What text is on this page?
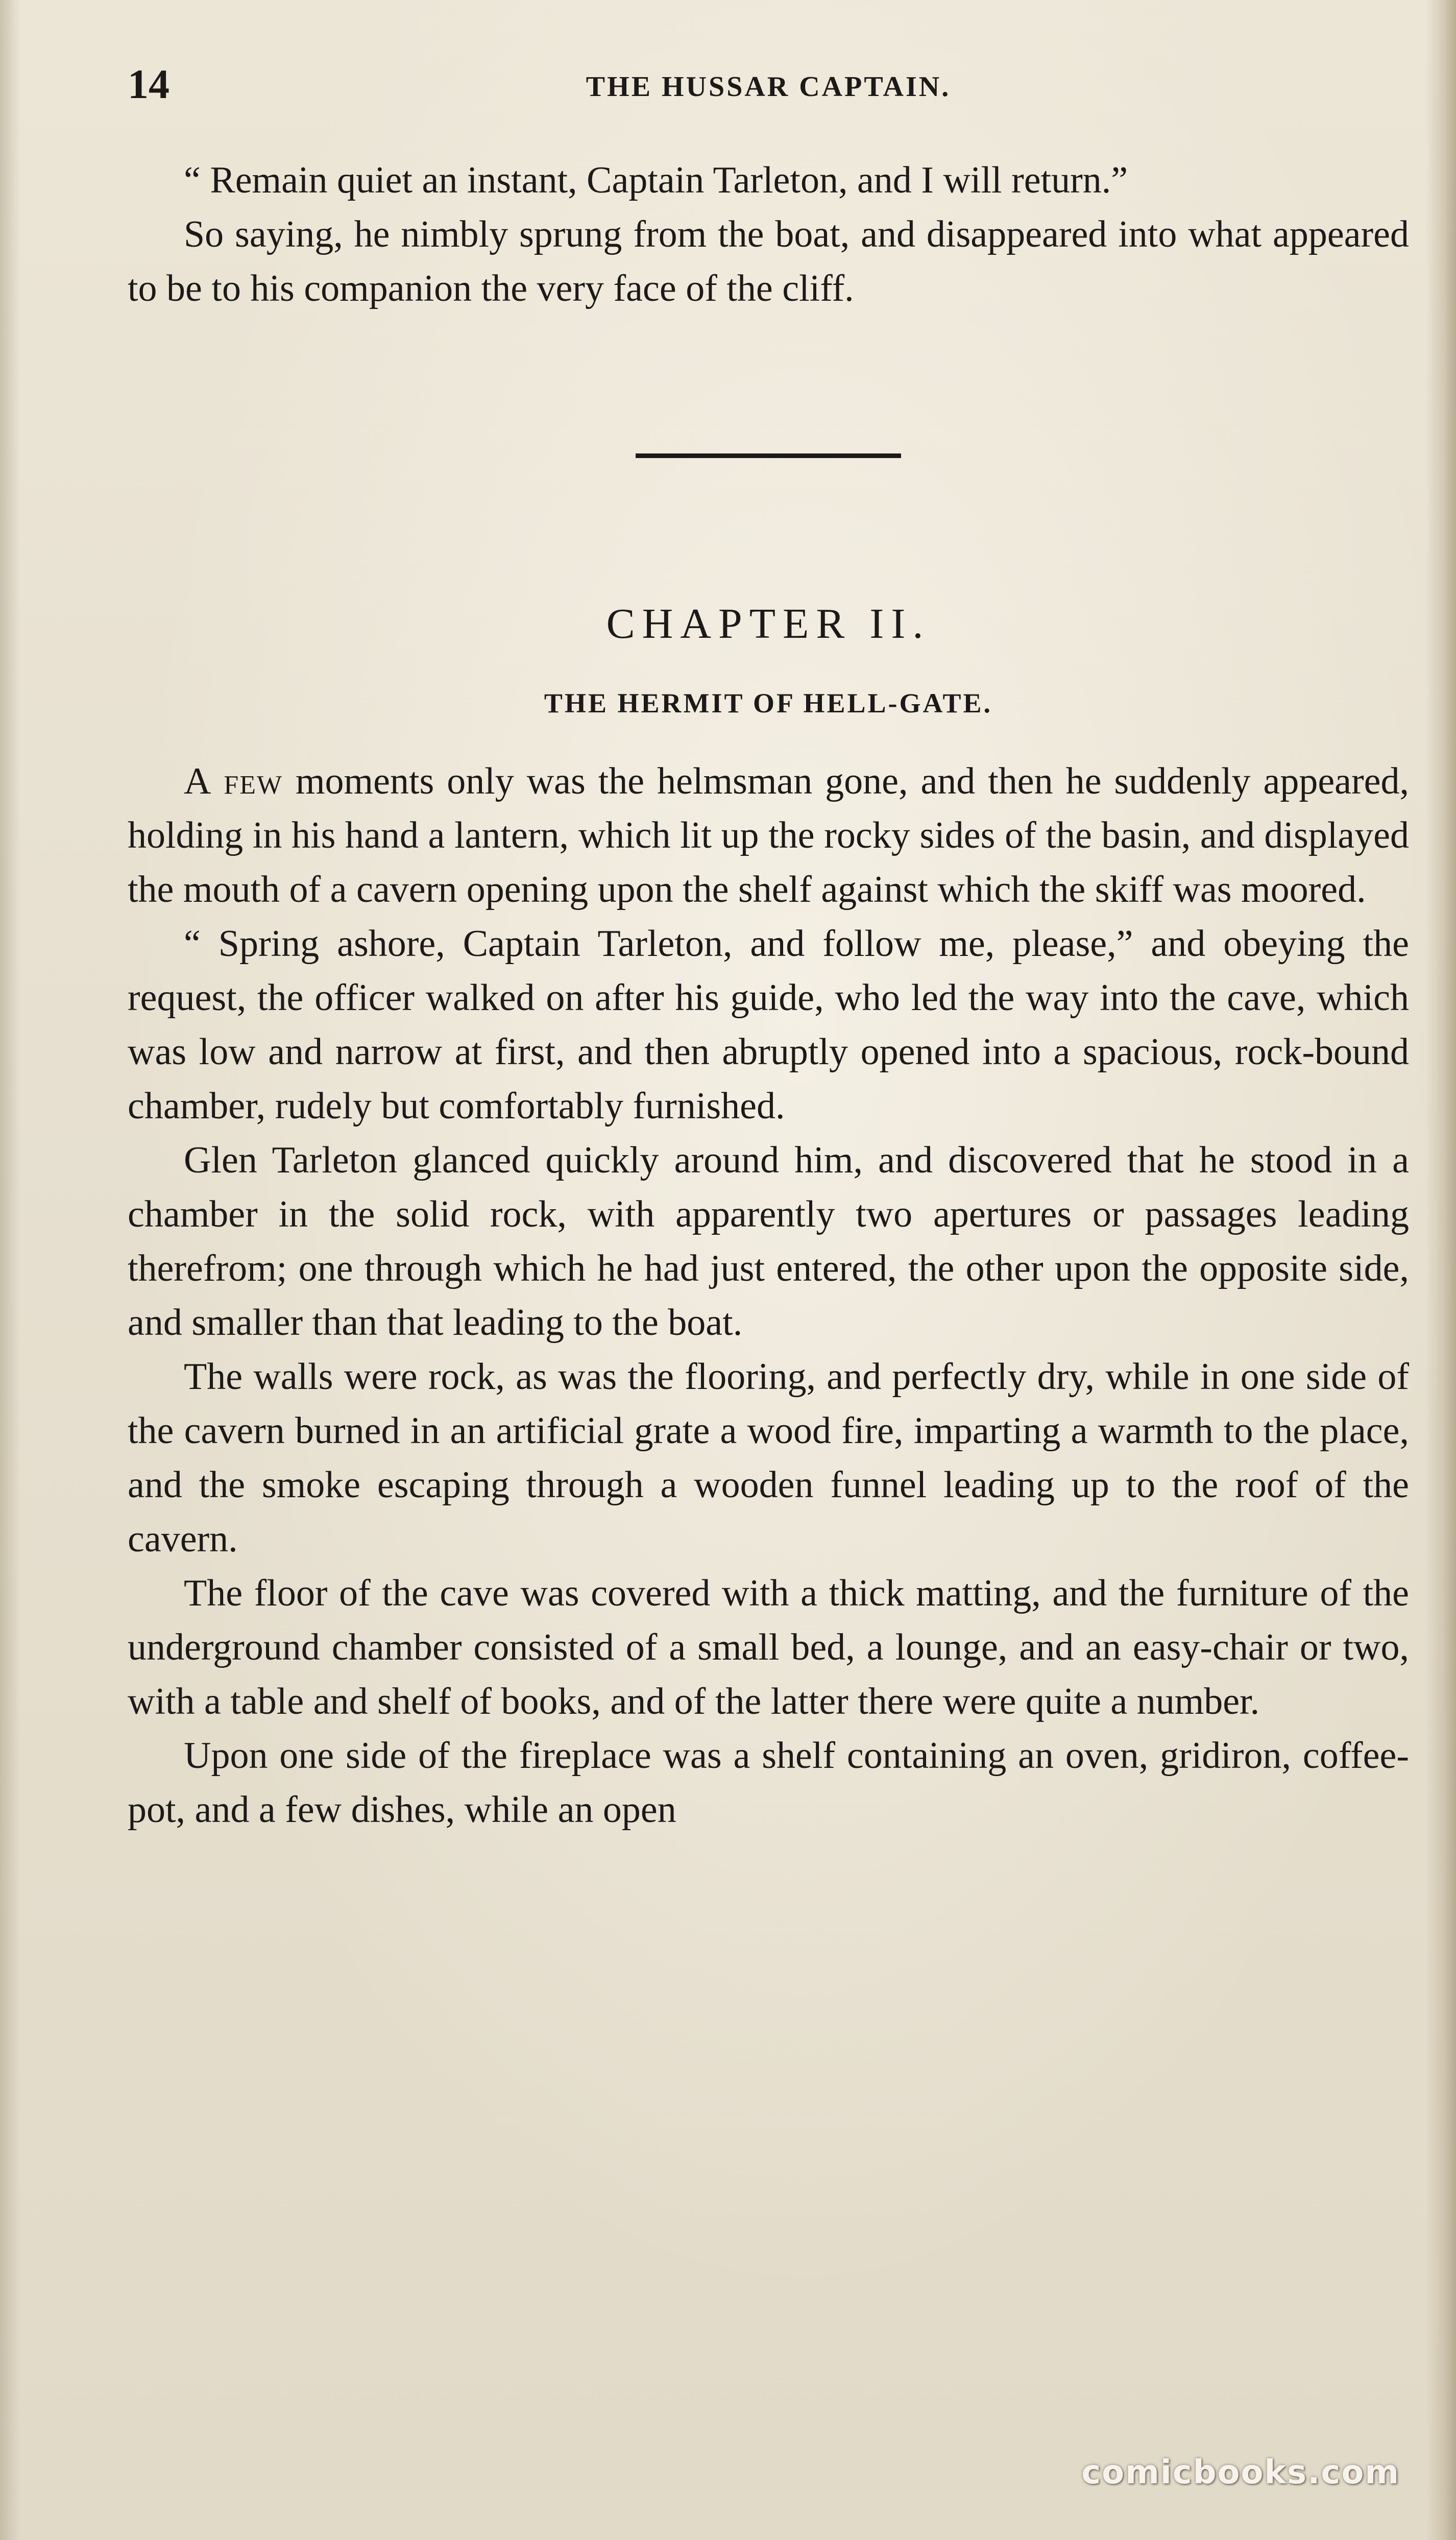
14	THE HUSSAR CAPTAIN.

“ Remain quiet an instant, Captain Tarleton, and I will return.”

So saying, he nimbly sprung from the boat, and disappeared into what appeared to be to his companion the very face of the cliff.

CHAPTER II.
THE HERMIT OF HELL-GATE.

A few moments only was the helmsman gone, and then he suddenly appeared, holding in his hand a lantern, which lit up the rocky sides of the basin, and displayed the mouth of a cavern opening upon the shelf against which the skiff was moored.

“ Spring ashore, Captain Tarleton, and follow me, please,” and obeying the request, the officer walked on after his guide, who led the way into the cave, which was low and narrow at first, and then abruptly opened into a spacious, rock-bound chamber, rudely but comfortably furnished.

Glen Tarleton glanced quickly around him, and discovered that he stood in a chamber in the solid rock, with apparently two apertures or passages leading therefrom; one through which he had just entered, the other upon the opposite side, and smaller than that leading to the boat.

The walls were rock, as was the flooring, and perfectly dry, while in one side of the cavern burned in an artificial grate a wood fire, imparting a warmth to the place, and the smoke escaping through a wooden funnel leading up to the roof of the cavern.

The floor of the cave was covered with a thick matting, and the furniture of the underground chamber consisted of a small bed, a lounge, and an easy-chair or two, with a table and shelf of books, and of the latter there were quite a number.

Upon one side of the fireplace was a shelf containing an oven, gridiron, coffee-pot, and a few dishes, while an open

comicbooks.com
